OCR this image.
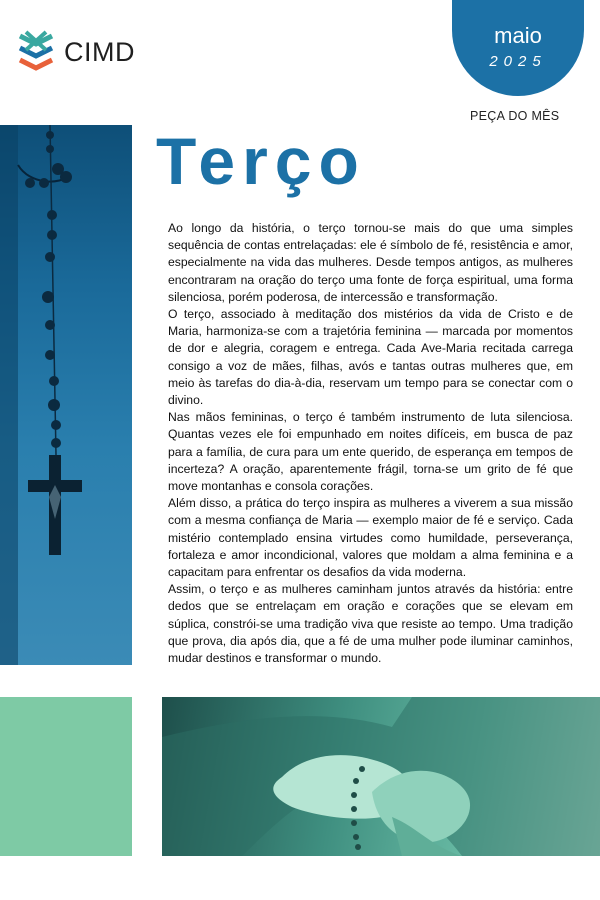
CIMD
maio
2025
PEÇA DO MÊS
Terço

Ao longo da história, o terço tornou-se mais do que uma simples sequência de contas entrelaçadas: ele é símbolo de fé, resistência e amor, especialmente na vida das mulheres. Desde tempos antigos, as mulheres encontraram na oração do terço uma fonte de força espiritual, uma forma silenciosa, porém poderosa, de intercessão e transformação.

O terço, associado à meditação dos mistérios da vida de Cristo e de Maria, harmoniza-se com a trajetória feminina — marcada por momentos de dor e alegria, coragem e entrega. Cada Ave-Maria recitada carrega consigo a voz de mães, filhas, avós e tantas outras mulheres que, em meio às tarefas do dia-à-dia, reservam um tempo para se conectar com o divino.

Nas mãos femininas, o terço é também instrumento de luta silenciosa. Quantas vezes ele foi empunhado em noites difíceis, em busca de paz para a família, de cura para um ente querido, de esperança em tempos de incerteza? A oração, aparentemente frágil, torna-se um grito de fé que move montanhas e consola corações.

Além disso, a prática do terço inspira as mulheres a viverem a sua missão com a mesma confiança de Maria — exemplo maior de fé e serviço. Cada mistério contemplado ensina virtudes como humildade, perseverança, fortaleza e amor incondicional, valores que moldam a alma feminina e a capacitam para enfrentar os desafios da vida moderna.

Assim, o terço e as mulheres caminham juntos através da história: entre dedos que se entrelaçam em oração e corações que se elevam em súplica, constrói-se uma tradição viva que resiste ao tempo. Uma tradição que prova, dia após dia, que a fé de uma mulher pode iluminar caminhos, mudar destinos e transformar o mundo.
